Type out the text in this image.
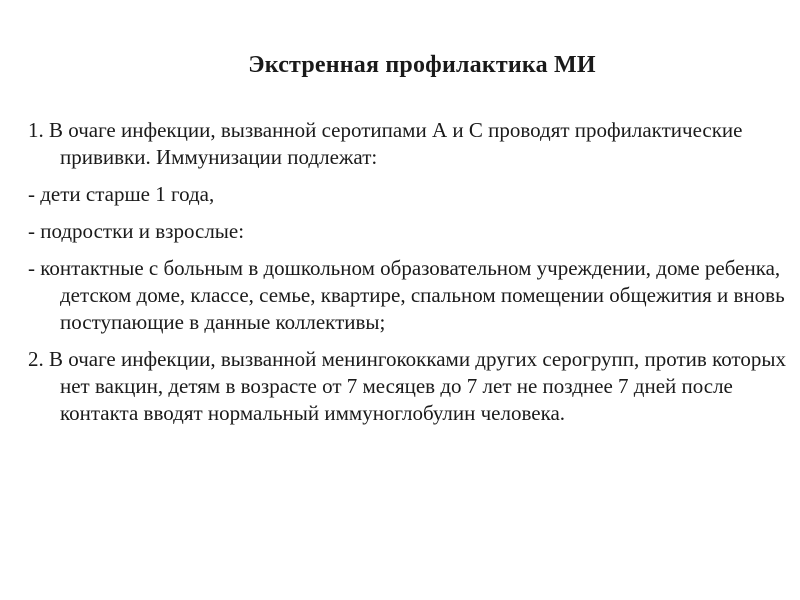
Экстренная профилактика МИ

1. В очаге инфекции, вызванной серотипами А и С проводят профилактические прививки. Иммунизации подлежат:

- дети старше 1 года,

- подростки и взрослые:

- контактные с больным в дошкольном образовательном учреждении, доме ребенка, детском доме, классе, семье, квартире, спальном помещении общежития и вновь поступающие в данные коллективы;

2. В очаге инфекции, вызванной менингококками других серогрупп, против которых нет вакцин, детям в возрасте от 7 месяцев до 7 лет не позднее 7 дней после контакта вводят нормальный иммуноглобулин человека.
